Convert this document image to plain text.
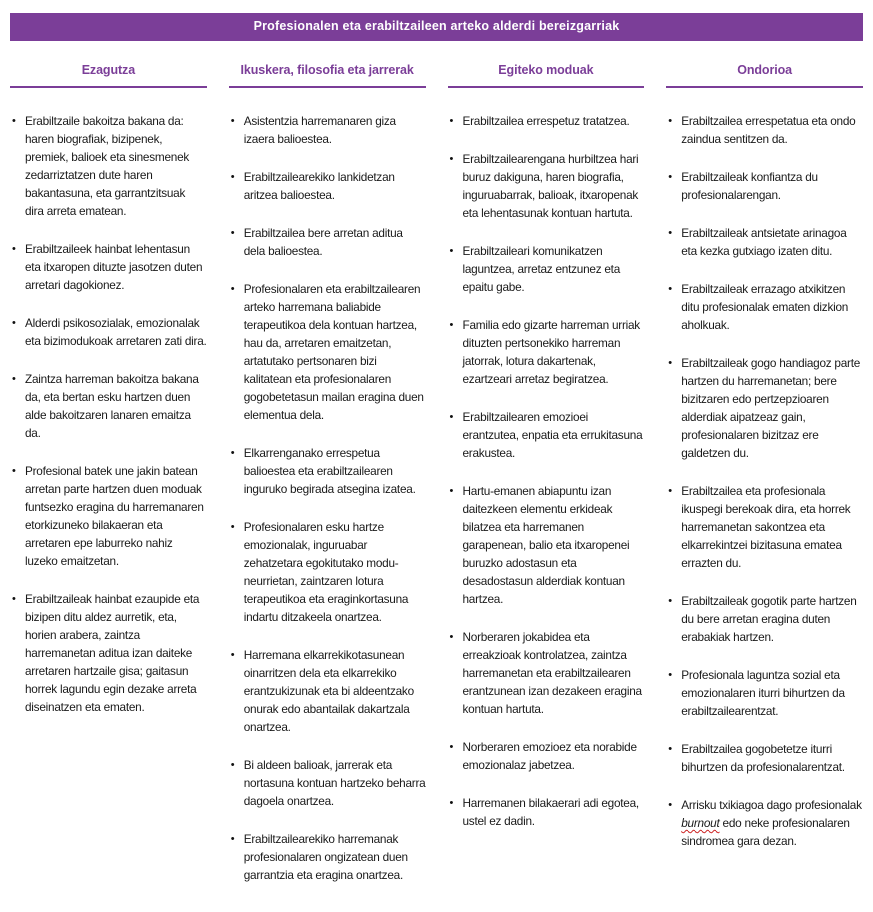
Profesionalen eta erabiltzaileen arteko alderdi bereizgarriak
Ezagutza
• Erabiltzaile bakoitza bakana da: haren biografiak, bizipenek, premiek, balioek eta sinesmenek zedarriztatzen dute haren bakantasuna, eta garrantzitsuak dira arreta ematean.
• Erabiltzaileek hainbat lehentasun eta itxaropen dituzte jasotzen duten arretari dagokionez.
• Alderdi psikosozialak, emozionalak eta bizimodukoak arretaren zati dira.
• Zaintza harreman bakoitza bakana da, eta bertan esku hartzen duen alde bakoitzaren lanaren emaitza da.
• Profesional batek une jakin batean arretan parte hartzen duen moduak funtsezko eragina du harremanaren etorkizuneko bilakaeran eta arretaren epe laburreko nahiz luzeko emaitzetan.
• Erabiltzaileak hainbat ezaupide eta bizipen ditu aldez aurretik, eta, horien arabera, zaintza harremanetan aditua izan daiteke arretaren hartzaile gisa; gaitasun horrek lagundu egin dezake arreta diseinatzen eta ematen.
Ikuskera, filosofia eta jarrerak
• Asistentzia harremanaren giza izaera balioestea.
• Erabiltzailearekiko lankidetzan aritzea balioestea.
• Erabiltzailea bere arretan aditua dela balioestea.
• Profesionalaren eta erabiltzailearen arteko harremana baliabide terapeutikoa dela kontuan hartzea, hau da, arretaren emaitzetan, artatutako pertsonaren bizi kalitatean eta profesionalaren gogobetetasun mailan eragina duen elementua dela.
• Elkarrenganako errespetua balioestea eta erabiltzailearen inguruko begirada atsegina izatea.
• Profesionalaren esku hartze emozionalak, inguruabar zehatzetara egokitutako modu-neurrietan, zaintzaren lotura terapeutikoa eta eraginkortasuna indartu ditzakeela onartzea.
• Harremana elkarrekikotasunean oinarritzen dela eta elkarrekiko erantzukizunak eta bi aldeentzako onurak edo abantailak dakartzala onartzea.
• Bi aldeen balioak, jarrerak eta nortasuna kontuan hartzeko beharra dagoela onartzea.
• Erabiltzailearekiko harremanak profesionalaren ongizatean duen garrantzia eta eragina onartzea.
Egiteko moduak
• Erabiltzailea errespetuz tratatzea.
• Erabiltzailearengana hurbiltzea hari buruz dakiguna, haren biografia, inguruabarrak, balioak, itxaropenak eta lehentasunak kontuan hartuta.
• Erabiltzaileari komunikatzen laguntzea, arretaz entzunez eta epaitu gabe.
• Familia edo gizarte harreman urriak dituzten pertsonekiko harreman jatorrak, lotura dakartenak, ezartzeari arretaz begiratzea.
• Erabiltzailearen emozioei erantzutea, enpatia eta errukitasuna erakustea.
• Hartu-emanen abiapuntu izan daitezkeen elementu erkideak bilatzea eta harremanen garapenean, balio eta itxaropenei buruzko adostasun eta desadostasun alderdiak kontuan hartzea.
• Norberaren jokabidea eta erreakzioak kontrolatzea, zaintza harremanetan eta erabiltzailearen erantzunean izan dezakeen eragina kontuan hartuta.
• Norberaren emozioez eta norabide emozionalaz jabetzea.
• Harremanen bilakaerari adi egotea, ustel ez dadin.
Ondorioa
• Erabiltzailea errespetatua eta ondo zaindua sentitzen da.
• Erabiltzaileak konfiantza du profesionalarengan.
• Erabiltzaileak antsietate arinagoa eta kezka gutxiago izaten ditu.
• Erabiltzaileak errazago atxikitzen ditu profesionalak ematen dizkion aholkuak.
• Erabiltzaileak gogo handiagoz parte hartzen du harremanetan; bere bizitzaren edo pertzepzioaren alderdiak aipatzeaz gain, profesionalaren bizitzaz ere galdetzen du.
• Erabiltzailea eta profesionala ikuspegi berekoak dira, eta horrek harremanetan sakontzea eta elkarrekintzei bizitasuna ematea errazten du.
• Erabiltzaileak gogotik parte hartzen du bere arretan eragina duten erabakiak hartzen.
• Profesionala laguntza sozial eta emozionalaren iturri bihurtzen da erabiltzailearentzat.
• Erabiltzailea gogobetetze iturri bihurtzen da profesionalarentzat.
• Arrisku txikiagoa dago profesionalak burnout edo neke profesionalaren sindromea gara dezan.
